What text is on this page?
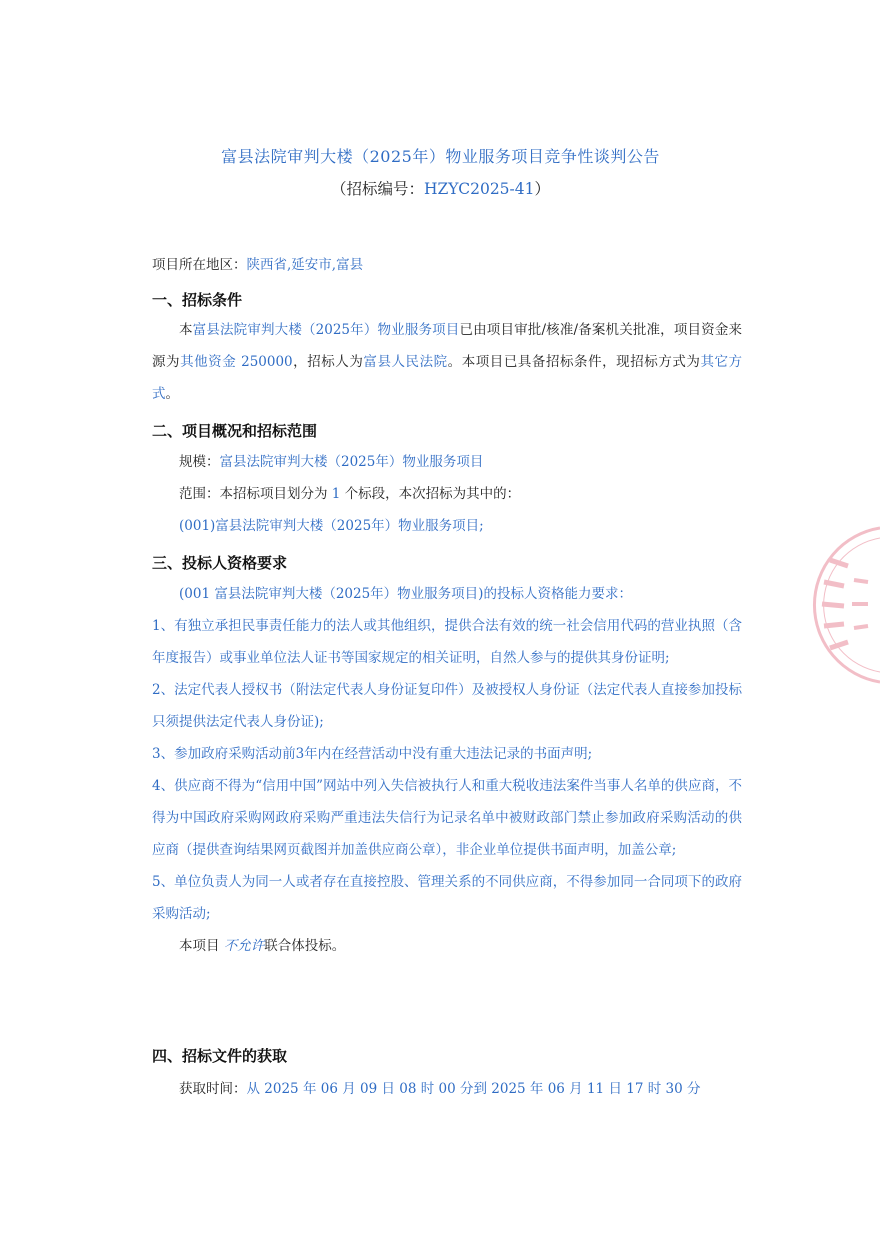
富县法院审判大楼（2025年）物业服务项目竞争性谈判公告
（招标编号：HZYC2025-41）
项目所在地区：陕西省,延安市,富县
一、招标条件

本富县法院审判大楼（2025年）物业服务项目已由项目审批/核准/备案机关批准，项目资金来源为其他资金 250000，招标人为富县人民法院。本项目已具备招标条件，现招标方式为其它方式。

二、项目概况和招标范围

规模：富县法院审判大楼（2025年）物业服务项目

范围：本招标项目划分为 1 个标段，本次招标为其中的：

(001)富县法院审判大楼（2025年）物业服务项目;

三、投标人资格要求

(001 富县法院审判大楼（2025年）物业服务项目)的投标人资格能力要求：

1、有独立承担民事责任能力的法人或其他组织，提供合法有效的统一社会信用代码的营业执照（含年度报告）或事业单位法人证书等国家规定的相关证明，自然人参与的提供其身份证明;

2、法定代表人授权书（附法定代表人身份证复印件）及被授权人身份证（法定代表人直接参加投标只须提供法定代表人身份证);

3、参加政府采购活动前3年内在经营活动中没有重大违法记录的书面声明;

4、供应商不得为“信用中国”网站中列入失信被执行人和重大税收违法案件当事人名单的供应商，不得为中国政府采购网政府采购严重违法失信行为记录名单中被财政部门禁止参加政府采购活动的供应商（提供查询结果网页截图并加盖供应商公章），非企业单位提供书面声明，加盖公章;

5、单位负责人为同一人或者存在直接控股、管理关系的不同供应商，不得参加同一合同项下的政府采购活动;

本项目 不允许联合体投标。

四、招标文件的获取

获取时间：从 2025 年 06 月 09 日 08 时 00 分到 2025 年 06 月 11 日 17 时 30 分
